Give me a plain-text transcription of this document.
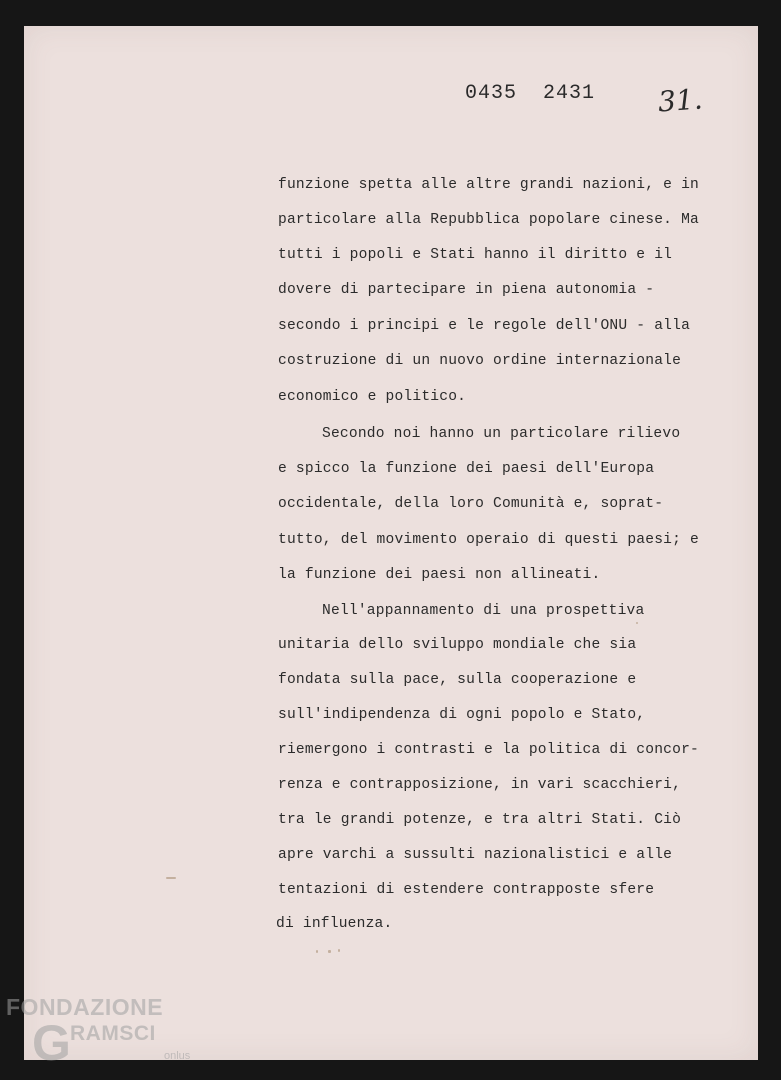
0435  2431 31.
funzione spetta alle altre grandi nazioni, e in
particolare alla Repubblica popolare cinese. Ma
tutti i popoli e Stati hanno il diritto e il
dovere di partecipare in piena autonomia -
secondo i principi e le regole dell'ONU - alla
costruzione di un nuovo ordine internazionale
economico e politico.
Secondo noi hanno un particolare rilievo
e spicco la funzione dei paesi dell'Europa
occidentale, della loro Comunità e, soprat-
tutto, del movimento operaio di questi paesi; e
la funzione dei paesi non allineati.
Nell'appannamento di una prospettiva
unitaria dello sviluppo mondiale che sia
fondata sulla pace, sulla cooperazione e
sull'indipendenza di ogni popolo e Stato,
riemergono i contrasti e la politica di concor-
renza e contrapposizione, in vari scacchieri,
tra le grandi potenze, e tra altri Stati. Ciò
apre varchi a sussulti nazionalistici e alle
tentazioni di estendere contrapposte sfere
di influenza.
FONDAZIONE
G RAMSCI
onlus
